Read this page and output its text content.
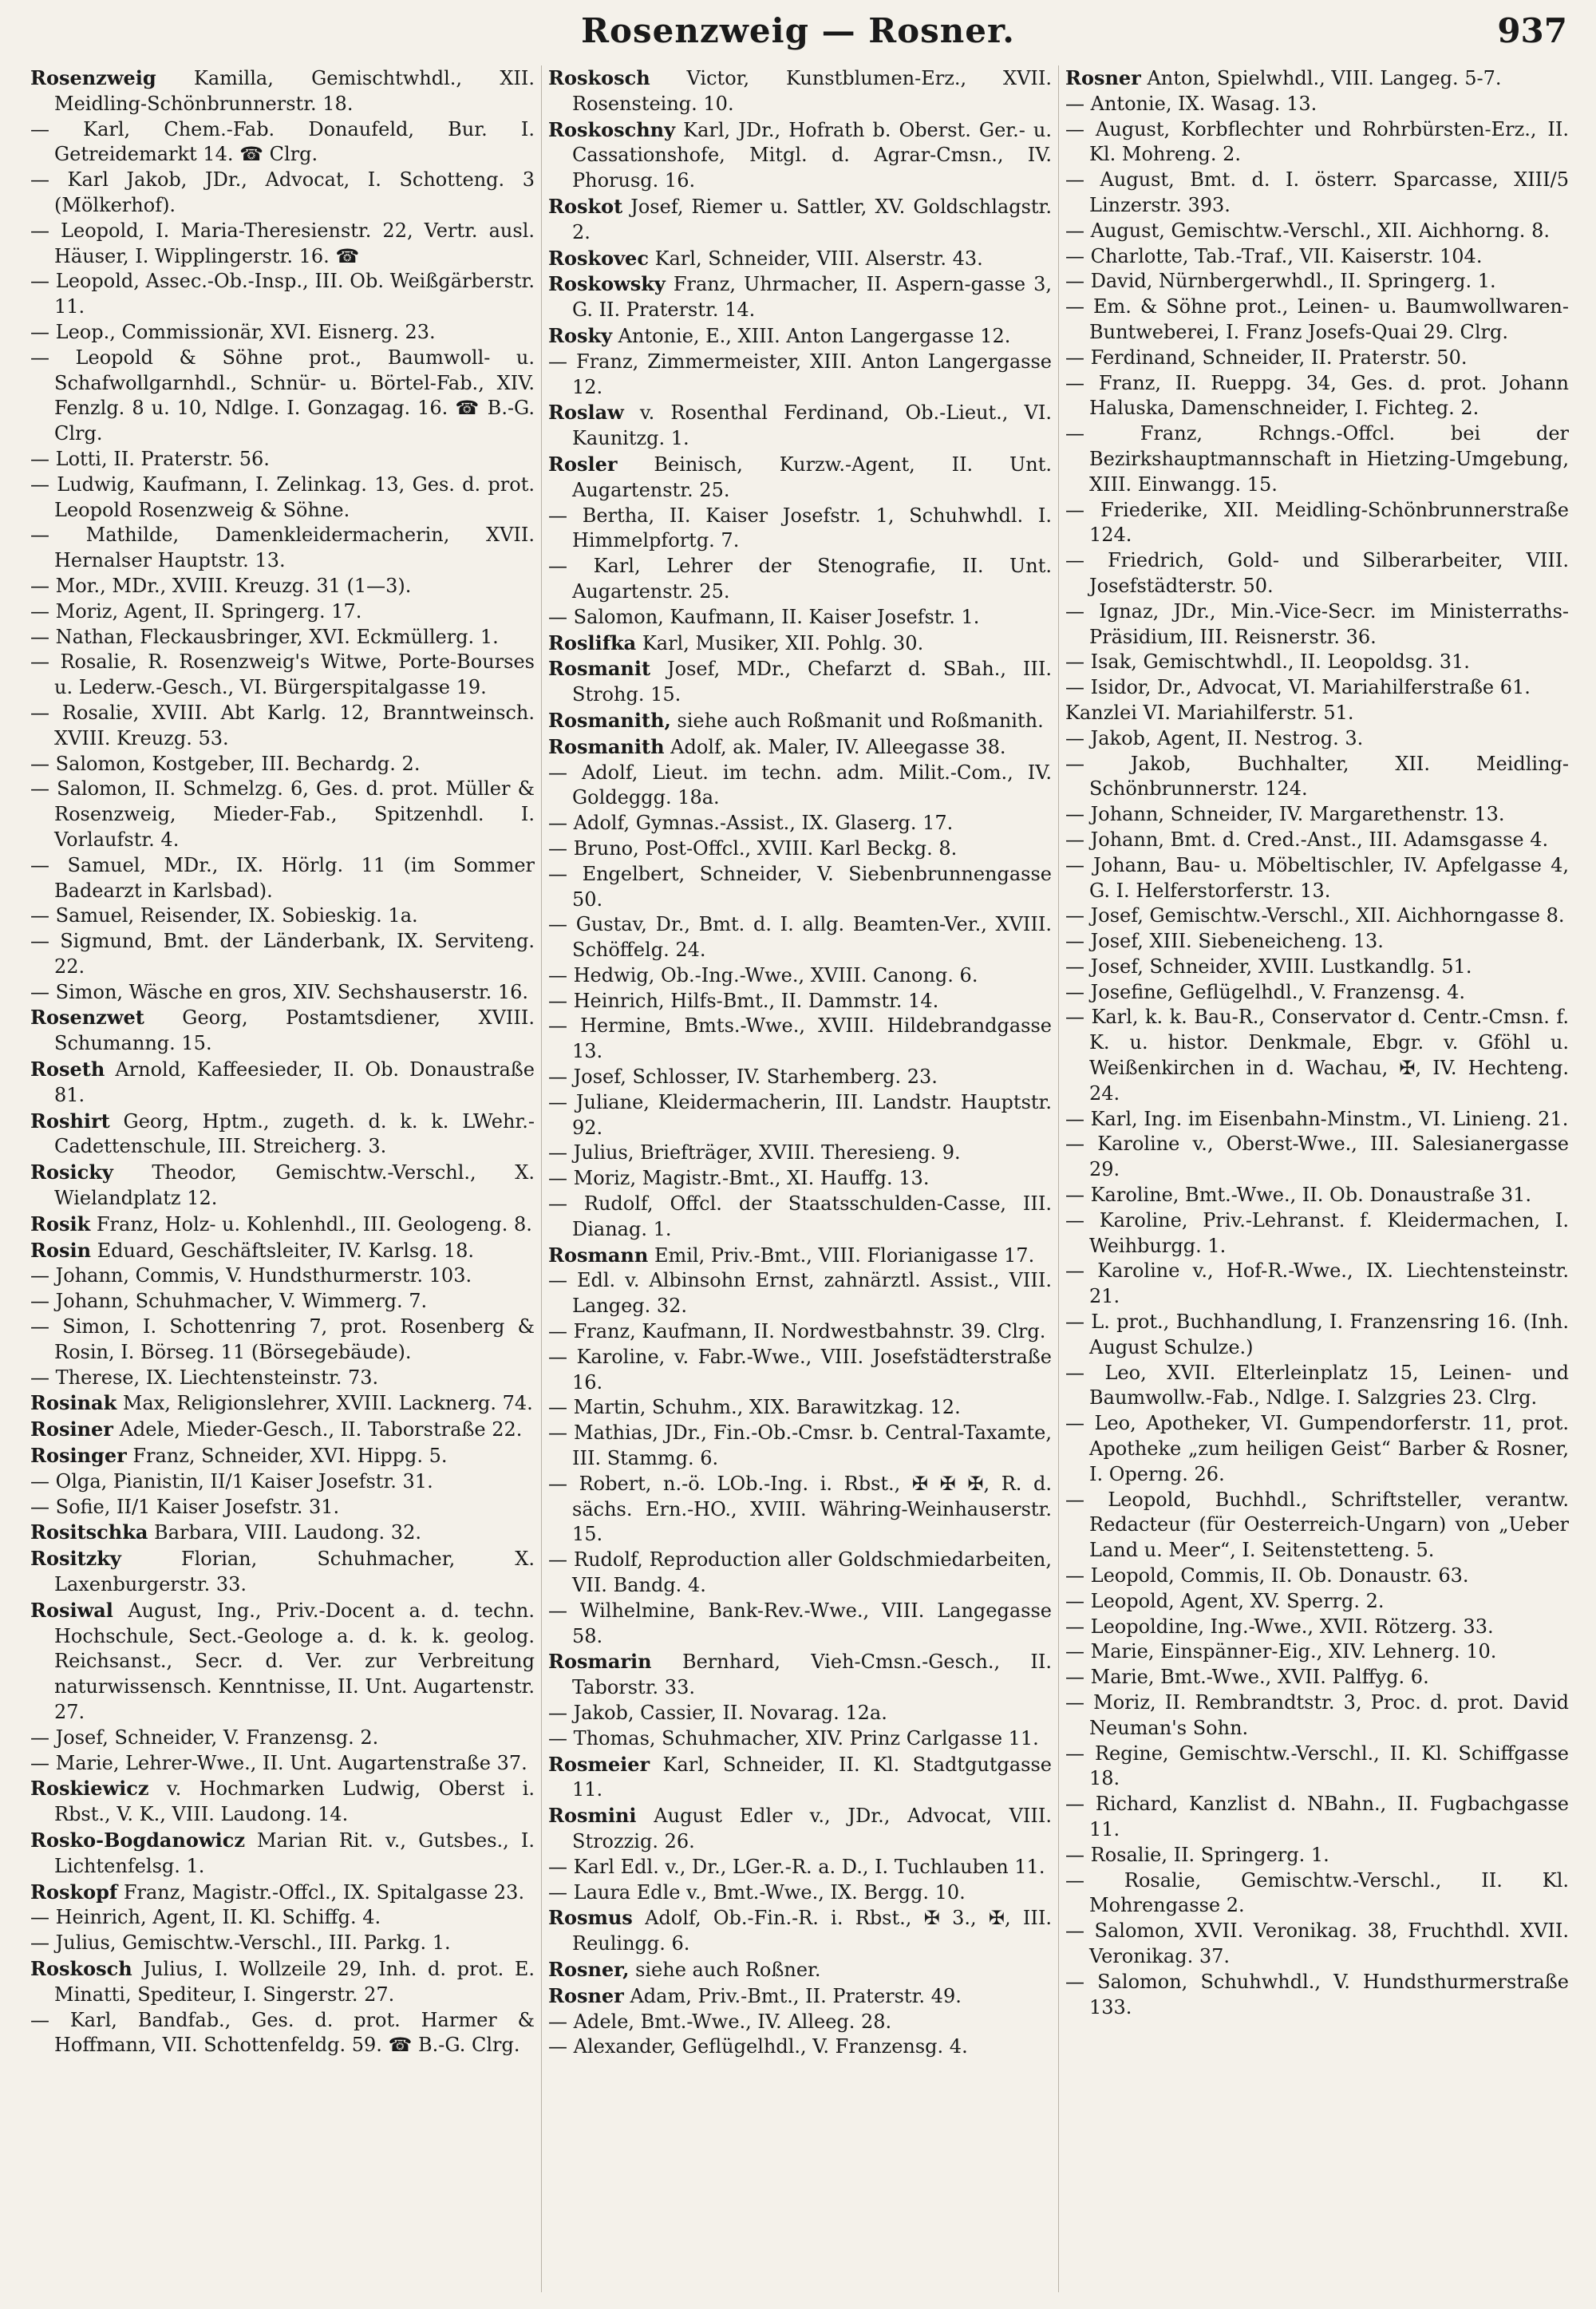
Rosenzweig — Rosner.	937

Rosenzweig Kamilla, Gemischtwhdl., XII. Meidling-Schönbrunnerstr. 18.

— Karl, Chem.-Fab. Donaufeld, Bur. I. Getreidemarkt 14. ☎ Clrg.

— Karl Jakob, JDr., Advocat, I. Schotteng. 3 (Mölkerhof).

— Leopold, I. Maria-Theresienstr. 22, Vertr. ausl. Häuser, I. Wipplingerstr. 16. ☎

— Leopold, Assec.-Ob.-Insp., III. Ob. Weißgärberstr. 11.

— Leop., Commissionär, XVI. Eisnerg. 23.

— Leopold & Söhne prot., Baumwoll- u. Schafwollgarnhdl., Schnür- u. Börtel-Fab., XIV. Fenzlg. 8 u. 10, Ndlge. I. Gonzagag. 16. ☎ B.-G. Clrg.

— Lotti, II. Praterstr. 56.

— Ludwig, Kaufmann, I. Zelinkag. 13, Ges. d. prot. Leopold Rosenzweig & Söhne.

— Mathilde, Damenkleidermacherin, XVII. Hernalser Hauptstr. 13.

— Mor., MDr., XVIII. Kreuzg. 31 (1—3).

— Moriz, Agent, II. Springerg. 17.

— Nathan, Fleckausbringer, XVI. Eckmüllerg. 1.

— Rosalie, R. Rosenzweig's Witwe, Porte-Bourses u. Lederw.-Gesch., VI. Bürgerspitalgasse 19.

— Rosalie, XVIII. Abt Karlg. 12, Branntweinsch. XVIII. Kreuzg. 53.

— Salomon, Kostgeber, III. Bechardg. 2.

— Salomon, II. Schmelzg. 6, Ges. d. prot. Müller & Rosenzweig, Mieder-Fab., Spitzenhdl. I. Vorlaufstr. 4.

— Samuel, MDr., IX. Hörlg. 11 (im Sommer Badearzt in Karlsbad).

— Samuel, Reisender, IX. Sobieskig. 1a.

— Sigmund, Bmt. der Länderbank, IX. Serviteng. 22.

— Simon, Wäsche en gros, XIV. Sechshauserstr. 16.

Rosenzwet Georg, Postamtsdiener, XVIII. Schumanng. 15.

Roseth Arnold, Kaffeesieder, II. Ob. Donaustraße 81.

Roshirt Georg, Hptm., zugeth. d. k. k. LWehr.-Cadettenschule, III. Streicherg. 3.

Rosicky Theodor, Gemischtw.-Verschl., X. Wielandplatz 12.

Rosik Franz, Holz- u. Kohlenhdl., III. Geologeng. 8.

Rosin Eduard, Geschäftsleiter, IV. Karlsg. 18.

— Johann, Commis, V. Hundsthurmerstr. 103.

— Johann, Schuhmacher, V. Wimmerg. 7.

— Simon, I. Schottenring 7, prot. Rosenberg & Rosin, I. Börseg. 11 (Börsegebäude).

— Therese, IX. Liechtensteinstr. 73.

Rosinak Max, Religionslehrer, XVIII. Lacknerg. 74.

Rosiner Adele, Mieder-Gesch., II. Taborstraße 22.

Rosinger Franz, Schneider, XVI. Hippg. 5.

— Olga, Pianistin, II/1 Kaiser Josefstr. 31.

— Sofie, II/1 Kaiser Josefstr. 31.

Rositschka Barbara, VIII. Laudong. 32.

Rositzky Florian, Schuhmacher, X. Laxenburgerstr. 33.

Rosiwal August, Ing., Priv.-Docent a. d. techn. Hochschule, Sect.-Geologe a. d. k. k. geolog. Reichsanst., Secr. d. Ver. zur Verbreitung naturwissensch. Kenntnisse, II. Unt. Augartenstr. 27.

— Josef, Schneider, V. Franzensg. 2.

— Marie, Lehrer-Wwe., II. Unt. Augartenstraße 37.

Roskiewicz v. Hochmarken Ludwig, Oberst i. Rbst., V. K., VIII. Laudong. 14.

Rosko-Bogdanowicz Marian Rit. v., Gutsbes., I. Lichtenfelsg. 1.

Roskopf Franz, Magistr.-Offcl., IX. Spitalgasse 23.

— Heinrich, Agent, II. Kl. Schiffg. 4.

— Julius, Gemischtw.-Verschl., III. Parkg. 1.

Roskosch Julius, I. Wollzeile 29, Inh. d. prot. E. Minatti, Spediteur, I. Singerstr. 27.

— Karl, Bandfab., Ges. d. prot. Harmer & Hoffmann, VII. Schottenfeldg. 59. ☎ B.-G. Clrg.

Roskosch Victor, Kunstblumen-Erz., XVII. Rosensteing. 10.

Roskoschny Karl, JDr., Hofrath b. Oberst. Ger.- u. Cassationshofe, Mitgl. d. Agrar-Cmsn., IV. Phorusg. 16.

Roskot Josef, Riemer u. Sattler, XV. Goldschlagstr. 2.

Roskovec Karl, Schneider, VIII. Alserstr. 43.

Roskowsky Franz, Uhrmacher, II. Aspern-gasse 3, G. II. Praterstr. 14.

Rosky Antonie, E., XIII. Anton Langergasse 12.

— Franz, Zimmermeister, XIII. Anton Langergasse 12.

Roslaw v. Rosenthal Ferdinand, Ob.-Lieut., VI. Kaunitzg. 1.

Rosler Beinisch, Kurzw.-Agent, II. Unt. Augartenstr. 25.

— Bertha, II. Kaiser Josefstr. 1, Schuhwhdl. I. Himmelpfortg. 7.

— Karl, Lehrer der Stenografie, II. Unt. Augartenstr. 25.

— Salomon, Kaufmann, II. Kaiser Josefstr. 1.

Roslifka Karl, Musiker, XII. Pohlg. 30.

Rosmanit Josef, MDr., Chefarzt d. SBah., III. Strohg. 15.

Rosmanith, siehe auch Roßmanit und Roßmanith.

Rosmanith Adolf, ak. Maler, IV. Alleegasse 38.

— Adolf, Lieut. im techn. adm. Milit.-Com., IV. Goldeggg. 18a.

— Adolf, Gymnas.-Assist., IX. Glaserg. 17.

— Bruno, Post-Offcl., XVIII. Karl Beckg. 8.

— Engelbert, Schneider, V. Siebenbrunnengasse 50.

— Gustav, Dr., Bmt. d. I. allg. Beamten-Ver., XVIII. Schöffelg. 24.

— Hedwig, Ob.-Ing.-Wwe., XVIII. Canong. 6.

— Heinrich, Hilfs-Bmt., II. Dammstr. 14.

— Hermine, Bmts.-Wwe., XVIII. Hildebrandgasse 13.

— Josef, Schlosser, IV. Starhemberg. 23.

— Juliane, Kleidermacherin, III. Landstr. Hauptstr. 92.

— Julius, Briefträger, XVIII. Theresieng. 9.

— Moriz, Magistr.-Bmt., XI. Hauffg. 13.

— Rudolf, Offcl. der Staatsschulden-Casse, III. Dianag. 1.

Rosmann Emil, Priv.-Bmt., VIII. Florianigasse 17.

— Edl. v. Albinsohn Ernst, zahnärztl. Assist., VIII. Langeg. 32.

— Franz, Kaufmann, II. Nordwestbahnstr. 39. Clrg.

— Karoline, v. Fabr.-Wwe., VIII. Josefstädterstraße 16.

— Martin, Schuhm., XIX. Barawitzkag. 12.

— Mathias, JDr., Fin.-Ob.-Cmsr. b. Central-Taxamte, III. Stammg. 6.

— Robert, n.-ö. LOb.-Ing. i. Rbst., ✠ ✠ ✠, R. d. sächs. Ern.-HO., XVIII. Währing-Weinhauserstr. 15.

— Rudolf, Reproduction aller Goldschmiedarbeiten, VII. Bandg. 4.

— Wilhelmine, Bank-Rev.-Wwe., VIII. Langegasse 58.

Rosmarin Bernhard, Vieh-Cmsn.-Gesch., II. Taborstr. 33.

— Jakob, Cassier, II. Novarag. 12a.

— Thomas, Schuhmacher, XIV. Prinz Carlgasse 11.

Rosmeier Karl, Schneider, II. Kl. Stadtgutgasse 11.

Rosmini August Edler v., JDr., Advocat, VIII. Strozzig. 26.

— Karl Edl. v., Dr., LGer.-R. a. D., I. Tuchlauben 11.

— Laura Edle v., Bmt.-Wwe., IX. Bergg. 10.

Rosmus Adolf, Ob.-Fin.-R. i. Rbst., ✠ 3., ✠, III. Reulingg. 6.

Rosner, siehe auch Roßner.

Rosner Adam, Priv.-Bmt., II. Praterstr. 49.

— Adele, Bmt.-Wwe., IV. Alleeg. 28.

— Alexander, Geflügelhdl., V. Franzensg. 4.

Rosner Anton, Spielwhdl., VIII. Langeg. 5-7.

— Antonie, IX. Wasag. 13.

— August, Korbflechter und Rohrbürsten-Erz., II. Kl. Mohreng. 2.

— August, Bmt. d. I. österr. Sparcasse, XIII/5 Linzerstr. 393.

— August, Gemischtw.-Verschl., XII. Aichhorng. 8.

— Charlotte, Tab.-Traf., VII. Kaiserstr. 104.

— David, Nürnbergerwhdl., II. Springerg. 1.

— Em. & Söhne prot., Leinen- u. Baumwollwaren-Buntweberei, I. Franz Josefs-Quai 29. Clrg.

— Ferdinand, Schneider, II. Praterstr. 50.

— Franz, II. Rueppg. 34, Ges. d. prot. Johann Haluska, Damenschneider, I. Fichteg. 2.

— Franz, Rchngs.-Offcl. bei der Bezirkshauptmannschaft in Hietzing-Umgebung, XIII. Einwangg. 15.

— Friederike, XII. Meidling-Schönbrunnerstraße 124.

— Friedrich, Gold- und Silberarbeiter, VIII. Josefstädterstr. 50.

— Ignaz, JDr., Min.-Vice-Secr. im Ministerraths-Präsidium, III. Reisnerstr. 36.

— Isak, Gemischtwhdl., II. Leopoldsg. 31.

— Isidor, Dr., Advocat, VI. Mariahilferstraße 61.

Kanzlei VI. Mariahilferstr. 51.

— Jakob, Agent, II. Nestrog. 3.

— Jakob, Buchhalter, XII. Meidling-Schönbrunnerstr. 124.

— Johann, Schneider, IV. Margarethenstr. 13.

— Johann, Bmt. d. Cred.-Anst., III. Adamsgasse 4.

— Johann, Bau- u. Möbeltischler, IV. Apfelgasse 4, G. I. Helferstorferstr. 13.

— Josef, Gemischtw.-Verschl., XII. Aichhorngasse 8.

— Josef, XIII. Siebeneicheng. 13.

— Josef, Schneider, XVIII. Lustkandlg. 51.

— Josefine, Geflügelhdl., V. Franzensg. 4.

— Karl, k. k. Bau-R., Conservator d. Centr.-Cmsn. f. K. u. histor. Denkmale, Ebgr. v. Gföhl u. Weißenkirchen in d. Wachau, ✠, IV. Hechteng. 24.

— Karl, Ing. im Eisenbahn-Minstm., VI. Linieng. 21.

— Karoline v., Oberst-Wwe., III. Salesianergasse 29.

— Karoline, Bmt.-Wwe., II. Ob. Donaustraße 31.

— Karoline, Priv.-Lehranst. f. Kleidermachen, I. Weihburgg. 1.

— Karoline v., Hof-R.-Wwe., IX. Liechtensteinstr. 21.

— L. prot., Buchhandlung, I. Franzensring 16. (Inh. August Schulze.)

— Leo, XVII. Elterleinplatz 15, Leinen- und Baumwollw.-Fab., Ndlge. I. Salzgries 23. Clrg.

— Leo, Apotheker, VI. Gumpendorferstr. 11, prot. Apotheke „zum heiligen Geist“ Barber & Rosner, I. Operng. 26.

— Leopold, Buchhdl., Schriftsteller, verantw. Redacteur (für Oesterreich-Ungarn) von „Ueber Land u. Meer“, I. Seitenstetteng. 5.

— Leopold, Commis, II. Ob. Donaustr. 63.

— Leopold, Agent, XV. Sperrg. 2.

— Leopoldine, Ing.-Wwe., XVII. Rötzerg. 33.

— Marie, Einspänner-Eig., XIV. Lehnerg. 10.

— Marie, Bmt.-Wwe., XVII. Palffyg. 6.

— Moriz, II. Rembrandtstr. 3, Proc. d. prot. David Neuman's Sohn.

— Regine, Gemischtw.-Verschl., II. Kl. Schiffgasse 18.

— Richard, Kanzlist d. NBahn., II. Fugbachgasse 11.

— Rosalie, II. Springerg. 1.

— Rosalie, Gemischtw.-Verschl., II. Kl. Mohrengasse 2.

— Salomon, XVII. Veronikag. 38, Fruchthdl. XVII. Veronikag. 37.

— Salomon, Schuhwhdl., V. Hundsthurmerstraße 133.
